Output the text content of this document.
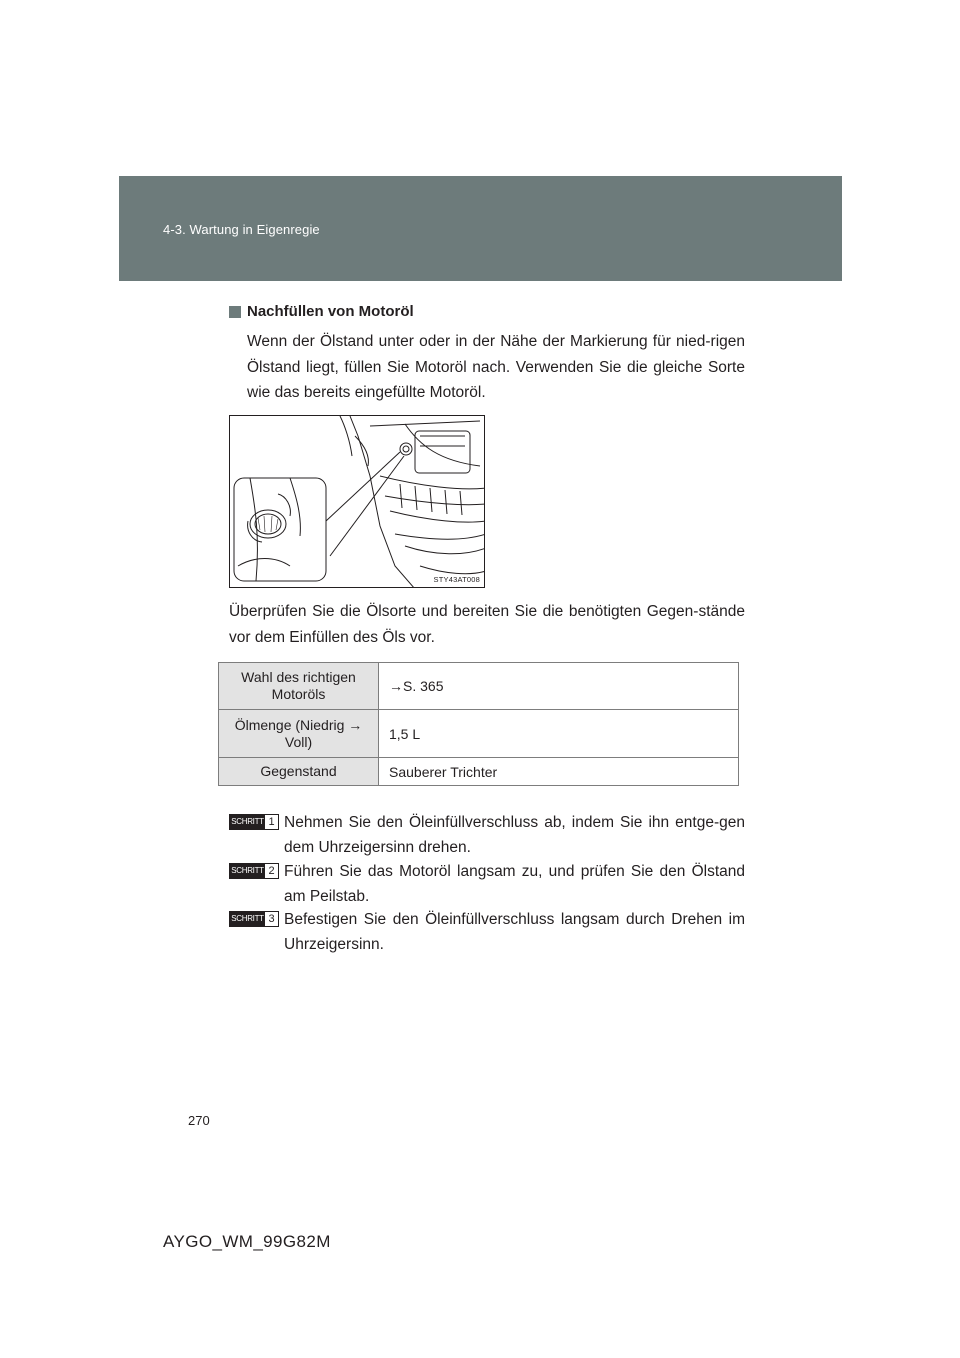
4-3. Wartung in Eigenregie
Nachfüllen von Motoröl

Wenn der Ölstand unter oder in der Nähe der Markierung für nied-rigen Ölstand liegt, füllen Sie Motoröl nach. Verwenden Sie die gleiche Sorte wie das bereits eingefüllte Motoröl.

STY43AT008

Überprüfen Sie die Ölsorte und bereiten Sie die benötigten Gegen-stände vor dem Einfüllen des Öls vor.

Wahl des richtigen Motoröls	→S. 365
Ölmenge (Niedrig → Voll)	1,5 L
Gegenstand	Sauberer Trichter
SCHRITT 1 Nehmen Sie den Öleinfüllverschluss ab, indem Sie ihn entge-gen dem Uhrzeigersinn drehen.

SCHRITT 2 Führen Sie das Motoröl langsam zu, und prüfen Sie den Ölstand am Peilstab.

SCHRITT 3 Befestigen Sie den Öleinfüllverschluss langsam durch Drehen im Uhrzeigersinn.

270
AYGO_WM_99G82M
